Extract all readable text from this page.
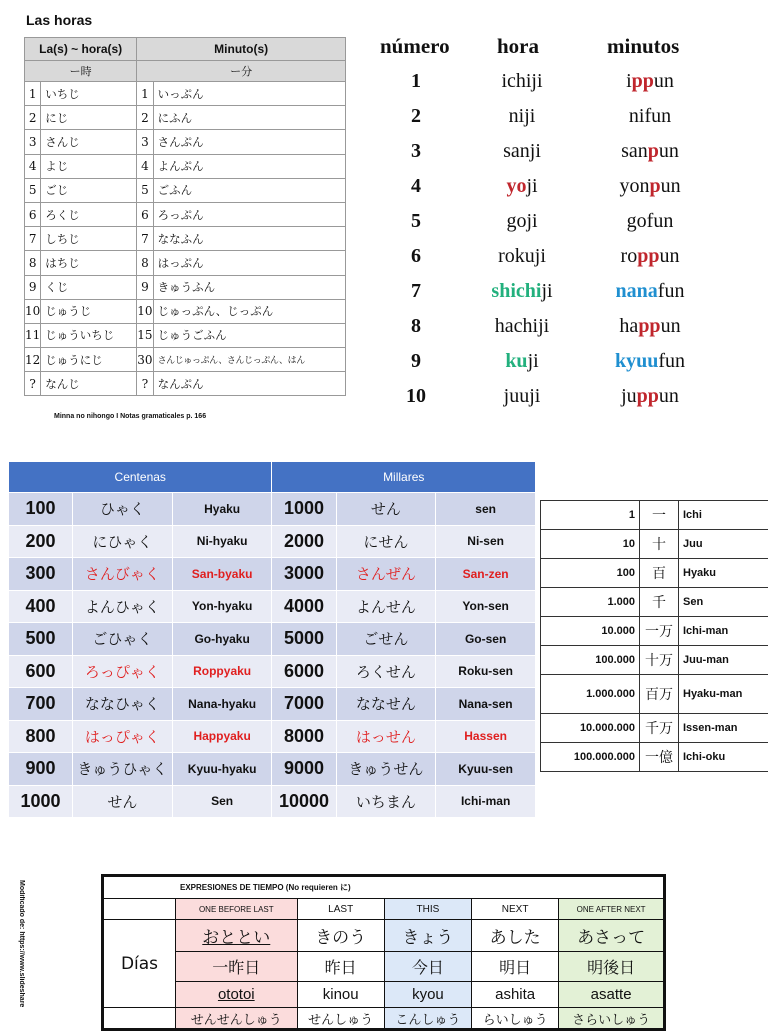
Las horas
La(s) ~ hora(s)		Minuto(s)	
ー時		ー分	
1	いちじ	1	いっぷん
2	にじ	2	にふん
3	さんじ	3	さんぷん
4	よじ	4	よんぷん
5	ごじ	5	ごふん
6	ろくじ	6	ろっぷん
7	しちじ	7	ななふん
8	はちじ	8	はっぷん
9	くじ	9	きゅうふん
10	じゅうじ	10	じゅっぷん、じっぷん
11	じゅういちじ	15	じゅうごふん
12	じゅうにじ	30	さんじゅっぷん、さんじっぷん、はん
?	なんじ	?	なんぷん
Minna no nihongo I Notas gramaticales p. 166
número hora	minutos
1	ichiji	ippun
2	niji	nifun
3	sanji	sanpun
4	yoji	yonpun
5	goji	gofun
6	rokuji	roppun
7	shichiji	nanafun
8	hachiji	happun
9	kuji	kyuufun
10	juuji	juppun
Centenas			Millares		
100	ひゃく	Hyaku	1000	せん	sen
200	にひゃく	Ni-hyaku	2000	にせん	Ni-sen
300	さんびゃく	San-byaku	3000	さんぜん	San-zen
400	よんひゃく	Yon-hyaku	4000	よんせん	Yon-sen
500	ごひゃく	Go-hyaku	5000	ごせん	Go-sen
600	ろっぴゃく	Roppyaku	6000	ろくせん	Roku-sen
700	ななひゃく	Nana-hyaku	7000	ななせん	Nana-sen
800	はっぴゃく	Happyaku	8000	はっせん	Hassen
900	きゅうひゃく	Kyuu-hyaku	9000	きゅうせん	Kyuu-sen
1000	せん	Sen	10000	いちまん	Ichi-man
1	一	Ichi
10	十	Juu
100	百	Hyaku
1.000	千	Sen
10.000	一万	Ichi-man
100.000	十万	Juu-man
1.000.000	百万	Hyaku-man
10.000.000	千万	Issen-man
100.000.000	一億	Ichi-oku
Modificado de: https://www.slideshare	EXPRESIONES DE TIEMPO (No requieren に)					
	ONE BEFORE LAST	LAST	THIS	NEXT	ONE AFTER NEXT
Días	おととい	きのう	きょう	あした	あさって
	一昨日	昨日	今日	明日	明後日
	ototoi	kinou	kyou	ashita	asatte
	せんせんしゅう	せんしゅう	こんしゅう	らいしゅう	さらいしゅう
